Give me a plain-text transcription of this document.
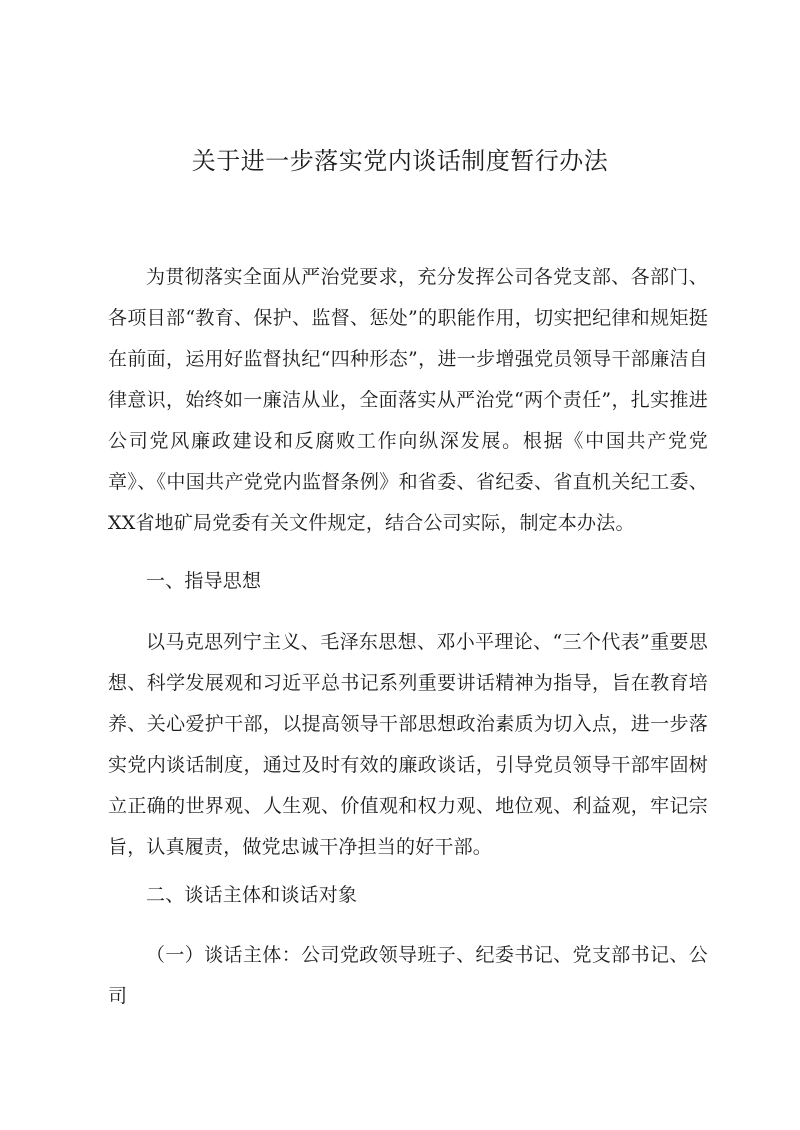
关于进一步落实党内谈话制度暂行办法
为贯彻落实全面从严治党要求，充分发挥公司各党支部、各部门、各项目部“教育、保护、监督、惩处”的职能作用，切实把纪律和规矩挺在前面，运用好监督执纪“四种形态”，进一步增强党员领导干部廉洁自律意识，始终如一廉洁从业，全面落实从严治党“两个责任”，扎实推进公司党风廉政建设和反腐败工作向纵深发展。根据《中国共产党党章》、《中国共产党党内监督条例》和省委、省纪委、省直机关纪工委、XX省地矿局党委有关文件规定，结合公司实际，制定本办法。
一、指导思想
以马克思列宁主义、毛泽东思想、邓小平理论、“三个代表”重要思想、科学发展观和习近平总书记系列重要讲话精神为指导，旨在教育培养、关心爱护干部，以提高领导干部思想政治素质为切入点，进一步落实党内谈话制度，通过及时有效的廉政谈话，引导党员领导干部牢固树立正确的世界观、人生观、价值观和权力观、地位观、利益观，牢记宗旨，认真履责，做党忠诚干净担当的好干部。
二、谈话主体和谈话对象
（一）谈话主体：公司党政领导班子、纪委书记、党支部书记、公司
